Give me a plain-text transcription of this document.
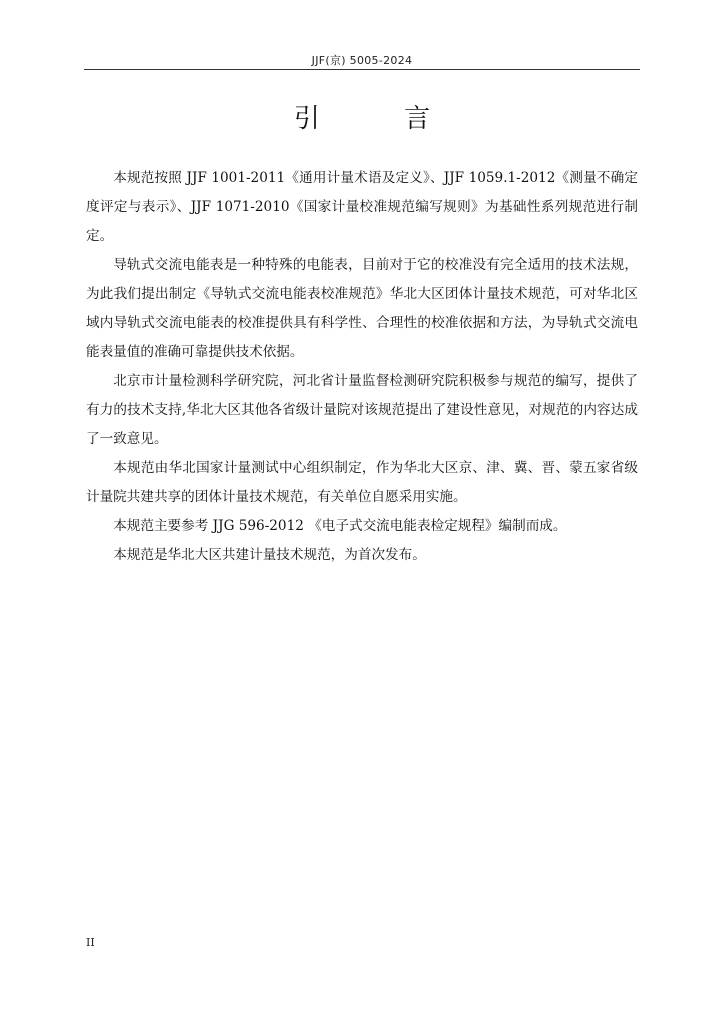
JJF(京) 5005-2024
引 言

本规范按照 JJF 1001-2011《通用计量术语及定义》、JJF 1059.1-2012《测量不确定度评定与表示》、JJF 1071-2010《国家计量校准规范编写规则》为基础性系列规范进行制定。

导轨式交流电能表是一种特殊的电能表，目前对于它的校准没有完全适用的技术法规，为此我们提出制定《导轨式交流电能表校准规范》华北大区团体计量技术规范，可对华北区域内导轨式交流电能表的校准提供具有科学性、合理性的校准依据和方法，为导轨式交流电能表量值的准确可靠提供技术依据。

北京市计量检测科学研究院，河北省计量监督检测研究院积极参与规范的编写，提供了有力的技术支持,华北大区其他各省级计量院对该规范提出了建设性意见，对规范的内容达成了一致意见。

本规范由华北国家计量测试中心组织制定，作为华北大区京、津、冀、晋、蒙五家省级计量院共建共享的团体计量技术规范，有关单位自愿采用实施。

本规范主要参考 JJG 596-2012 《电子式交流电能表检定规程》编制而成。

本规范是华北大区共建计量技术规范，为首次发布。

II
